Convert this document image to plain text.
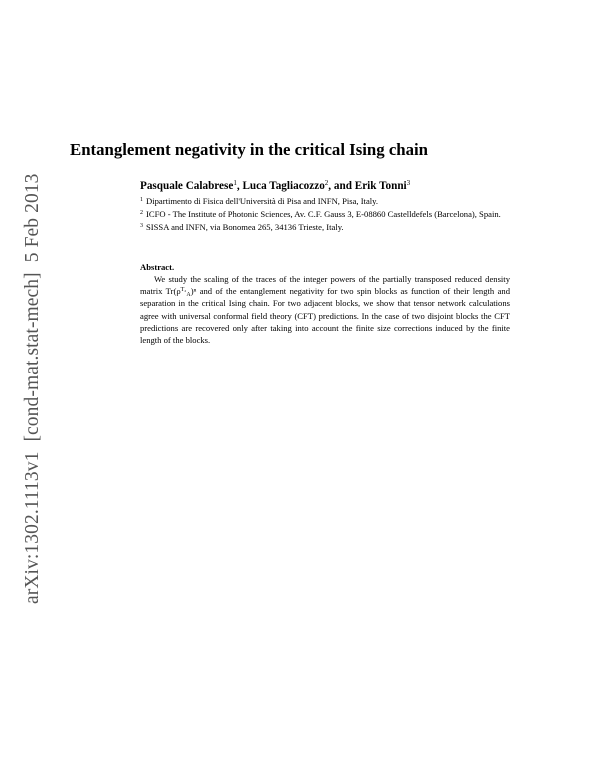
arXiv:1302.1113v1[cond-mat.stat-mech]5 Feb 2013
Entanglement negativity in the critical Ising chain
Pasquale Calabrese$^1$, Luca Tagliacozzo$^2$, and Erik Tonni$^3$
$^1$ Dipartimento di Fisica dell'Università di Pisa and INFN, Pisa, Italy.
$^2$ ICFO - The Institute of Photonic Sciences, Av. C.F. Gauss 3, E-08860 Castelldefels (Barcelona), Spain.
$^3$ SISSA and INFN, via Bonomea 265, 34136 Trieste, Italy.
Abstract.
We study the scaling of the traces of the integer powers of the partially transposed reduced density matrix $Tr(\rho^{T_2}_A)^n$ and of the entanglement negativity for two spin blocks as function of their length and separation in the critical Ising chain. For two adjacent blocks, we show that tensor network calculations agree with universal conformal field theory (CFT) predictions. In the case of two disjoint blocks the CFT predictions are recovered only after taking into account the finite size corrections induced by the finite length of the blocks.
